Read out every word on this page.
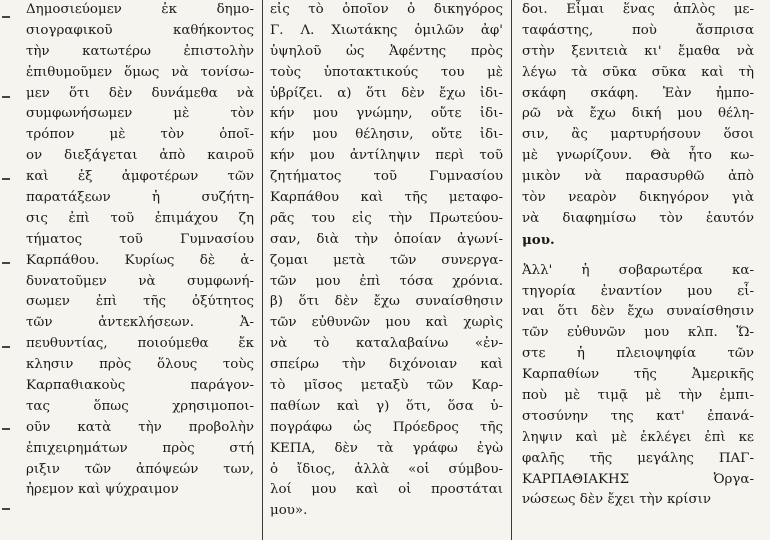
Δημοσιεύομεν ἐκ δημο-
σιογραφικοῦ καθήκοντος
τὴν κατωτέρω ἐπιστολὴν
ἐπιθυμοῦμεν ὅμως νὰ τονίσω-
μεν ὅτι δὲν δυνάμεθα νὰ
συμφωνήσωμεν μὲ τὸν
τρόπον μὲ τὸν ὁποῖ-
ον διεξάγεται ἀπὸ καιροῦ
καὶ ἐξ ἀμφοτέρων τῶν
παρατάξεων ἡ συζήτη-
σις ἐπὶ τοῦ ἐπιμάχου ζη
τήματος τοῦ Γυμνασίου
Καρπάθου. Κυρίως δὲ ἀ-
δυνατοῦμεν νὰ συμφωνή-
σωμεν ἐπὶ τῆς ὀξύτητος
τῶν ἀντεκλήσεων. Ἀ-
πευθυντίας, ποιούμεθα ἔκ
κλησιν πρὸς ὅλους τοὺς
Καρπαθιακοὺς παράγον-
τας ὅπως χρησιμοποι-
οῦν κατὰ τὴν προβολὴν
ἐπιχειρημάτων πρὸς στή
ριξιν τῶν ἀπόψεών των,
ἠρεμον καὶ ψύχραιμον
εἰς τὸ ὁποῖον ὁ δικηγόρος
Γ. Λ. Χιωτάκης ὁμιλῶν ἀφ'
ὑψηλοῦ ὡς Ἀφέντης πρὸς
τοὺς ὑποτακτικούς του μὲ
ὑβρίζει. α) ὅτι δὲν ἔχω ἰδι-
κήν μου γνώμην, οὔτε ἰδι-
κήν μου θέλησιν, οὔτε ἰδι-
κήν μου ἀντίληψιν περὶ τοῦ
ζητήματος τοῦ Γυμνασίου
Καρπάθου καὶ τῆς μεταφο-
ρᾶς του εἰς τὴν Πρωτεύου-
σαν, διὰ τὴν ὁποίαν ἀγωνί-
ζομαι μετὰ τῶν συνεργα-
τῶν μου ἐπὶ τόσα χρόνια.
β) ὅτι δὲν ἔχω συναίσθησιν
τῶν εὐθυνῶν μου καὶ χωρὶς
νὰ τὸ καταλαβαίνω «ἐν-
σπείρω τὴν διχόνοιαν καὶ
τὸ μῖσος μεταξὺ τῶν Καρ-
παθίων καὶ γ) ὅτι, ὅσα ὑ-
πογράφω ὡς Πρόεδρος τῆς
ΚΕΠΑ, δὲν τὰ γράφω ἐγὼ
ὁ ἴδιος, ἀλλὰ «οἱ σύμβου-
λοί μου καὶ οἱ προστάται
μου».
δοι. Εἶμαι ἕνας ἁπλὸς με-
ταφάστης, ποὺ ἄσπρισα
στὴν ξενιτειὰ κι' ἔμαθα νὰ
λέγω τὰ σῦκα σῦκα καὶ τὴ
σκάφη σκάφη. Ἐὰν ἠμπο-
ρῶ νὰ ἔχω δική μου θέλη-
σιν, ἂς μαρτυρήσουν ὅσοι
μὲ γνωρίζουν. Θὰ ἦτο κω-
μικὸν νὰ παρασυρθῶ ἀπὸ
τὸν νεαρὸν δικηγόρον γιὰ
νὰ διαφημίσω τὸν ἑαυτόν
μου.
Ἀλλ' ἡ σοβαρωτέρα κα-
τηγορία ἐναντίον μου εἶ-
ναι ὅτι δὲν ἔχω συναίσθησιν
τῶν εὐθυνῶν μου κλπ. Ὥ-
στε ἡ πλειοψηφία τῶν
Καρπαθίων τῆς Ἀμερικῆς
ποὺ μὲ τιμᾷ μὲ τὴν ἐμπι-
στοσύνην της κατ' ἐπανά-
ληψιν καὶ μὲ ἐκλέγει ἐπὶ κε
φαλῆς τῆς μεγάλης ΠΑΓ-
ΚΑΡΠΑΘΙΑΚΗΣ Ὀργα-
νώσεως δὲν ἔχει τὴν κρίσιν
